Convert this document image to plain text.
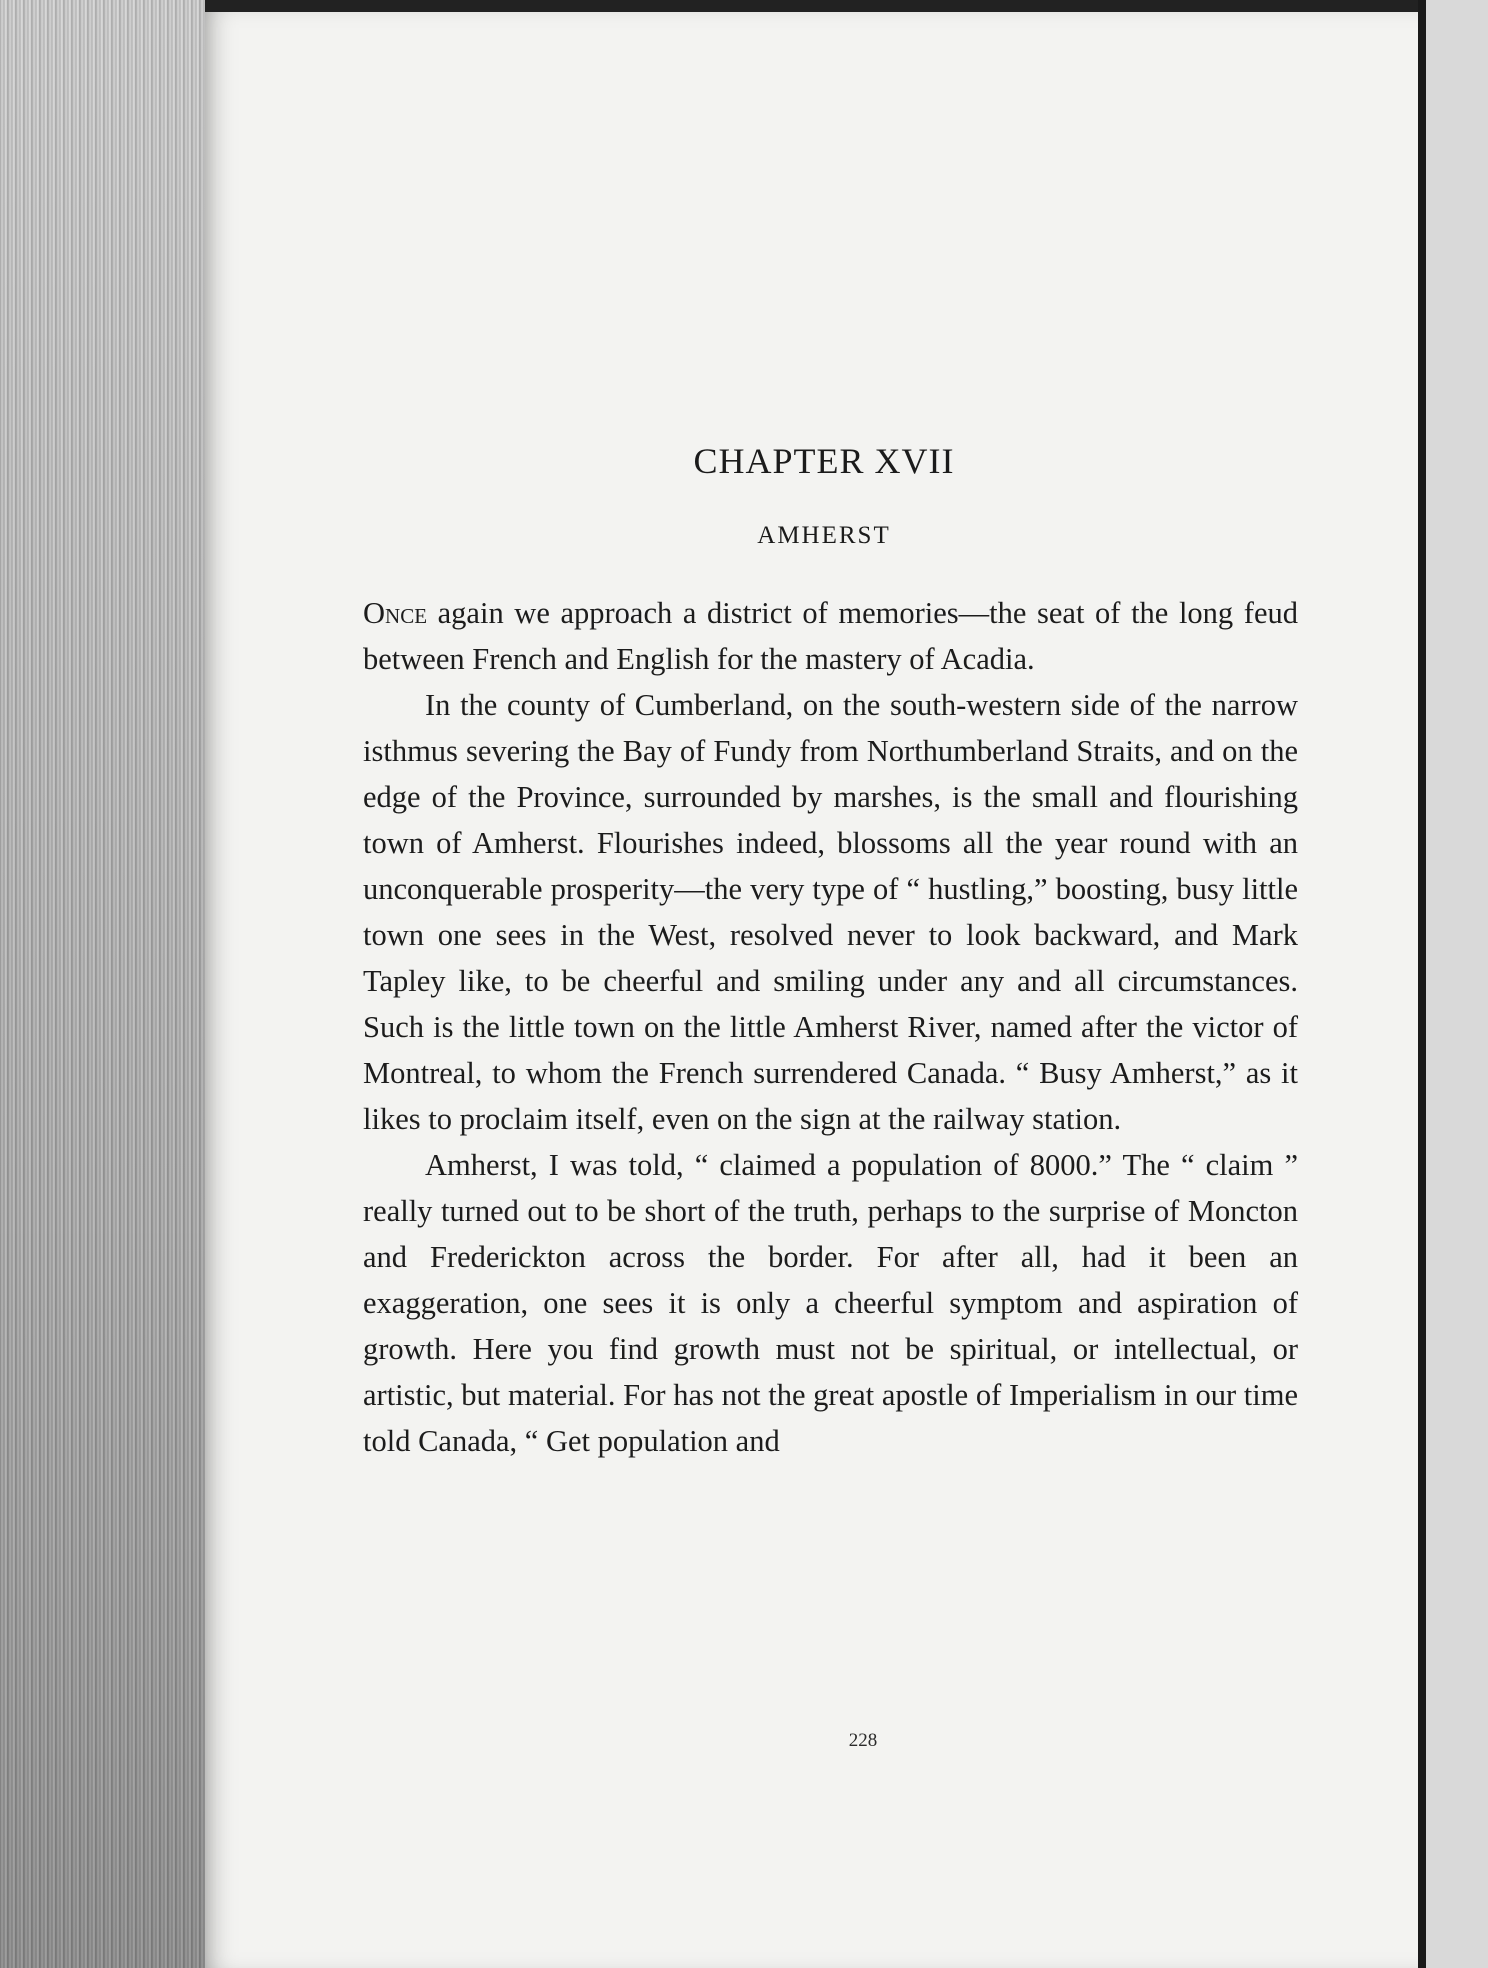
CHAPTER XVII
AMHERST

Once again we approach a district of memories—the seat of the long feud between French and English for the mastery of Acadia.

In the county of Cumberland, on the south-western side of the narrow isthmus severing the Bay of Fundy from Northumberland Straits, and on the edge of the Province, surrounded by marshes, is the small and flourishing town of Amherst. Flourishes indeed, blossoms all the year round with an unconquerable prosperity—the very type of “ hustling,” boosting, busy little town one sees in the West, resolved never to look backward, and Mark Tapley like, to be cheerful and smiling under any and all circumstances. Such is the little town on the little Amherst River, named after the victor of Montreal, to whom the French surrendered Canada. “ Busy Amherst,” as it likes to proclaim itself, even on the sign at the railway station.

Amherst, I was told, “ claimed a population of 8000.” The “ claim ” really turned out to be short of the truth, perhaps to the surprise of Moncton and Frederickton across the border. For after all, had it been an exaggeration, one sees it is only a cheerful symptom and aspiration of growth. Here you find growth must not be spiritual, or intellectual, or artistic, but material. For has not the great apostle of Imperialism in our time told Canada, “ Get population and

228
